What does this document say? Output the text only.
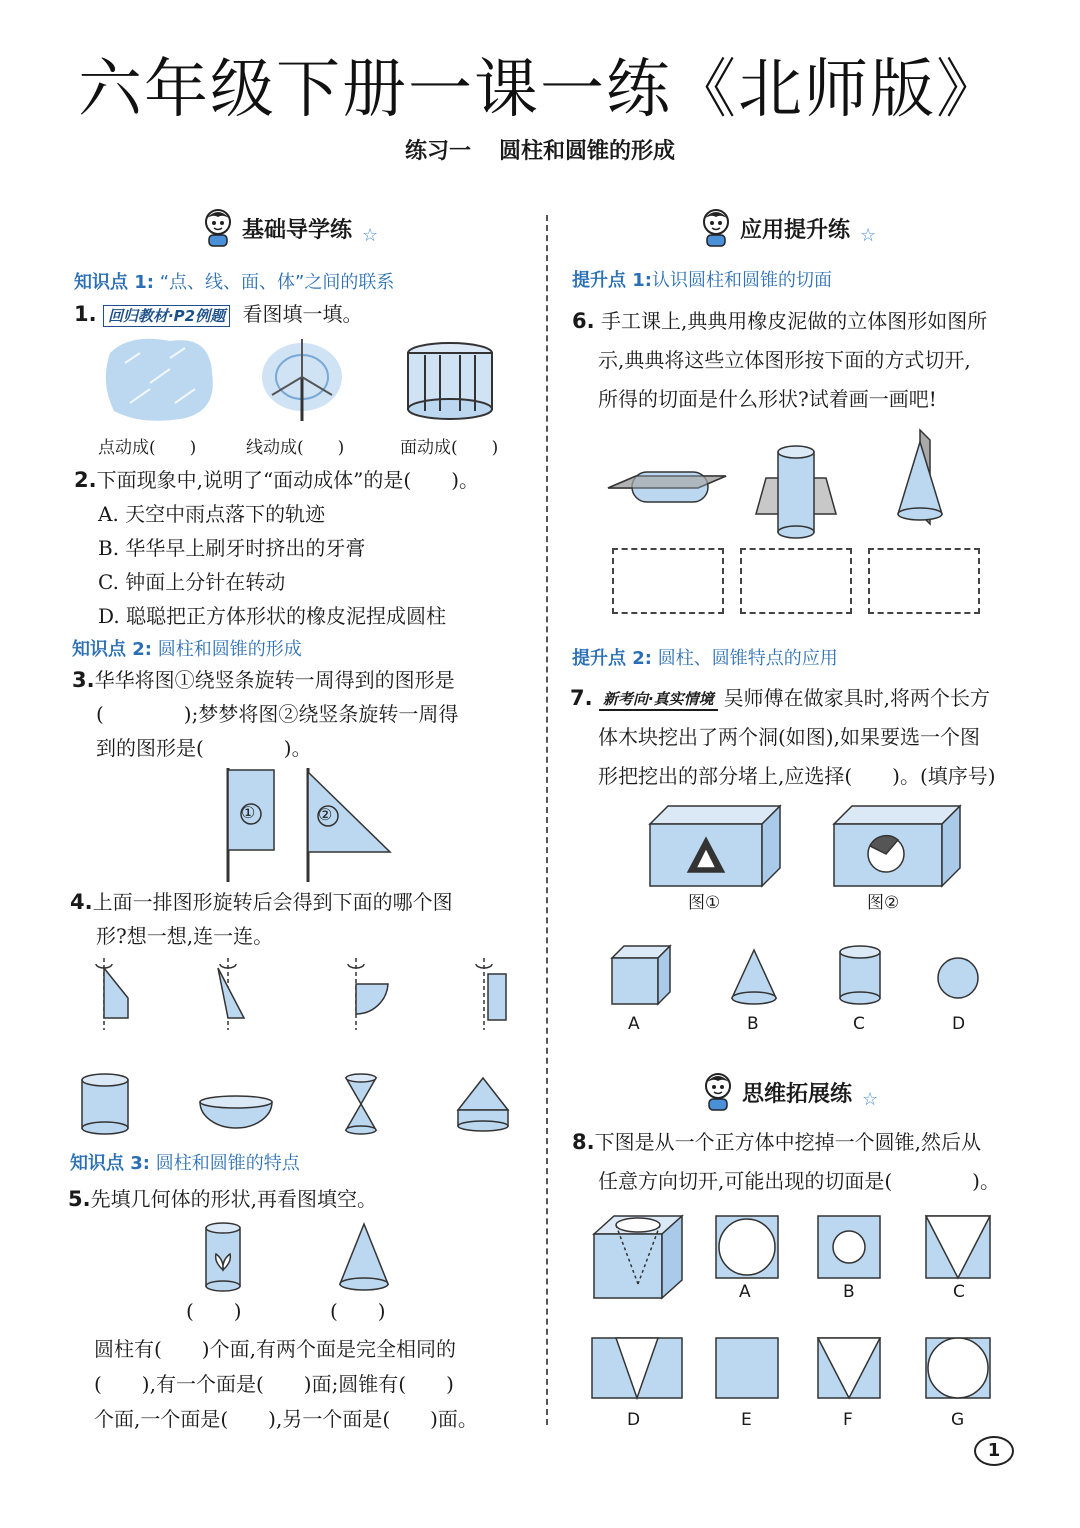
六年级下册一课一练《北师版》
练习一 圆柱和圆锥的形成
基础导学练 ☆
知识点 1: “点、线、面、体”之间的联系
1. 回归教材·P2例题 看图填一填。
点动成(　　)	线动成(　　)	面动成(　　)
2.下面现象中,说明了“面动成体”的是(　　)。
A. 天空中雨点落下的轨迹
B. 华华早上刷牙时挤出的牙膏
C. 钟面上分针在转动
D. 聪聪把正方体形状的橡皮泥捏成圆柱
知识点 2: 圆柱和圆锥的形成
3.华华将图①绕竖条旋转一周得到的图形是
(　　　　);梦梦将图②绕竖条旋转一周得
到的图形是(　　　　)。
①	②
4.上面一排图形旋转后会得到下面的哪个图
形?想一想,连一连。
知识点 3: 圆柱和圆锥的特点
5.先填几何体的形状,再看图填空。
(　　)	(　　)
圆柱有(　　)个面,有两个面是完全相同的
(　　),有一个面是(　　)面;圆锥有(　　)
个面,一个面是(　　),另一个面是(　　)面。
应用提升练 ☆
提升点 1:认识圆柱和圆锥的切面
6. 手工课上,典典用橡皮泥做的立体图形如图所
示,典典将这些立体图形按下面的方式切开,
所得的切面是什么形状?试着画一画吧!
提升点 2: 圆柱、圆锥特点的应用
7. 新考向·真实情境 吴师傅在做家具时,将两个长方
体木块挖出了两个洞(如图),如果要选一个图
形把挖出的部分堵上,应选择(　　)。(填序号)
图①	图②
A	B	C	D
思维拓展练 ☆
8.下图是从一个正方体中挖掉一个圆锥,然后从
任意方向切开,可能出现的切面是(　　　　)。
A	B	C
D	E	F	G
1
